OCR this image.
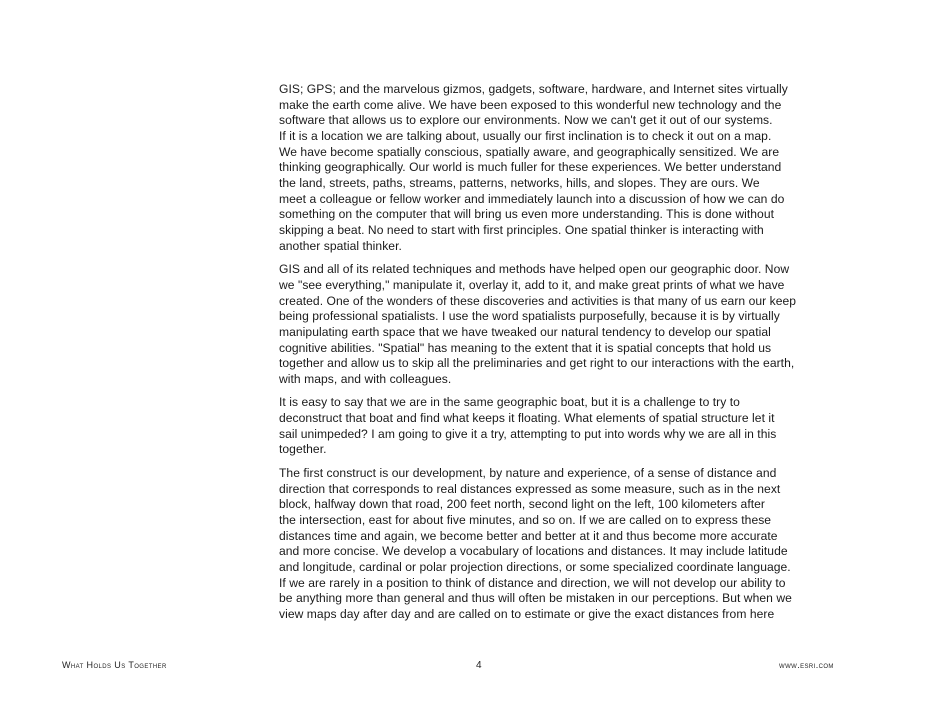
GIS; GPS; and the marvelous gizmos, gadgets, software, hardware, and Internet sites virtually
make the earth come alive. We have been exposed to this wonderful new technology and the
software that allows us to explore our environments. Now we can't get it out of our systems.
If it is a location we are talking about, usually our first inclination is to check it out on a map.
We have become spatially conscious, spatially aware, and geographically sensitized. We are
thinking geographically. Our world is much fuller for these experiences. We better understand
the land, streets, paths, streams, patterns, networks, hills, and slopes. They are ours. We
meet a colleague or fellow worker and immediately launch into a discussion of how we can do
something on the computer that will bring us even more understanding. This is done without
skipping a beat. No need to start with first principles. One spatial thinker is interacting with
another spatial thinker.

GIS and all of its related techniques and methods have helped open our geographic door. Now
we "see everything," manipulate it, overlay it, add to it, and make great prints of what we have
created. One of the wonders of these discoveries and activities is that many of us earn our keep
being professional spatialists. I use the word spatialists purposefully, because it is by virtually
manipulating earth space that we have tweaked our natural tendency to develop our spatial
cognitive abilities. "Spatial" has meaning to the extent that it is spatial concepts that hold us
together and allow us to skip all the preliminaries and get right to our interactions with the earth,
with maps, and with colleagues.

It is easy to say that we are in the same geographic boat, but it is a challenge to try to
deconstruct that boat and find what keeps it floating. What elements of spatial structure let it
sail unimpeded? I am going to give it a try, attempting to put into words why we are all in this
together.

The first construct is our development, by nature and experience, of a sense of distance and
direction that corresponds to real distances expressed as some measure, such as in the next
block, halfway down that road, 200 feet north, second light on the left, 100 kilometers after
the intersection, east for about five minutes, and so on. If we are called on to express these
distances time and again, we become better and better at it and thus become more accurate
and more concise. We develop a vocabulary of locations and distances. It may include latitude
and longitude, cardinal or polar projection directions, or some specialized coordinate language.
If we are rarely in a position to think of distance and direction, we will not develop our ability to
be anything more than general and thus will often be mistaken in our perceptions. But when we
view maps day after day and are called on to estimate or give the exact distances from here

What Holds Us Together	4	www.esri.com
